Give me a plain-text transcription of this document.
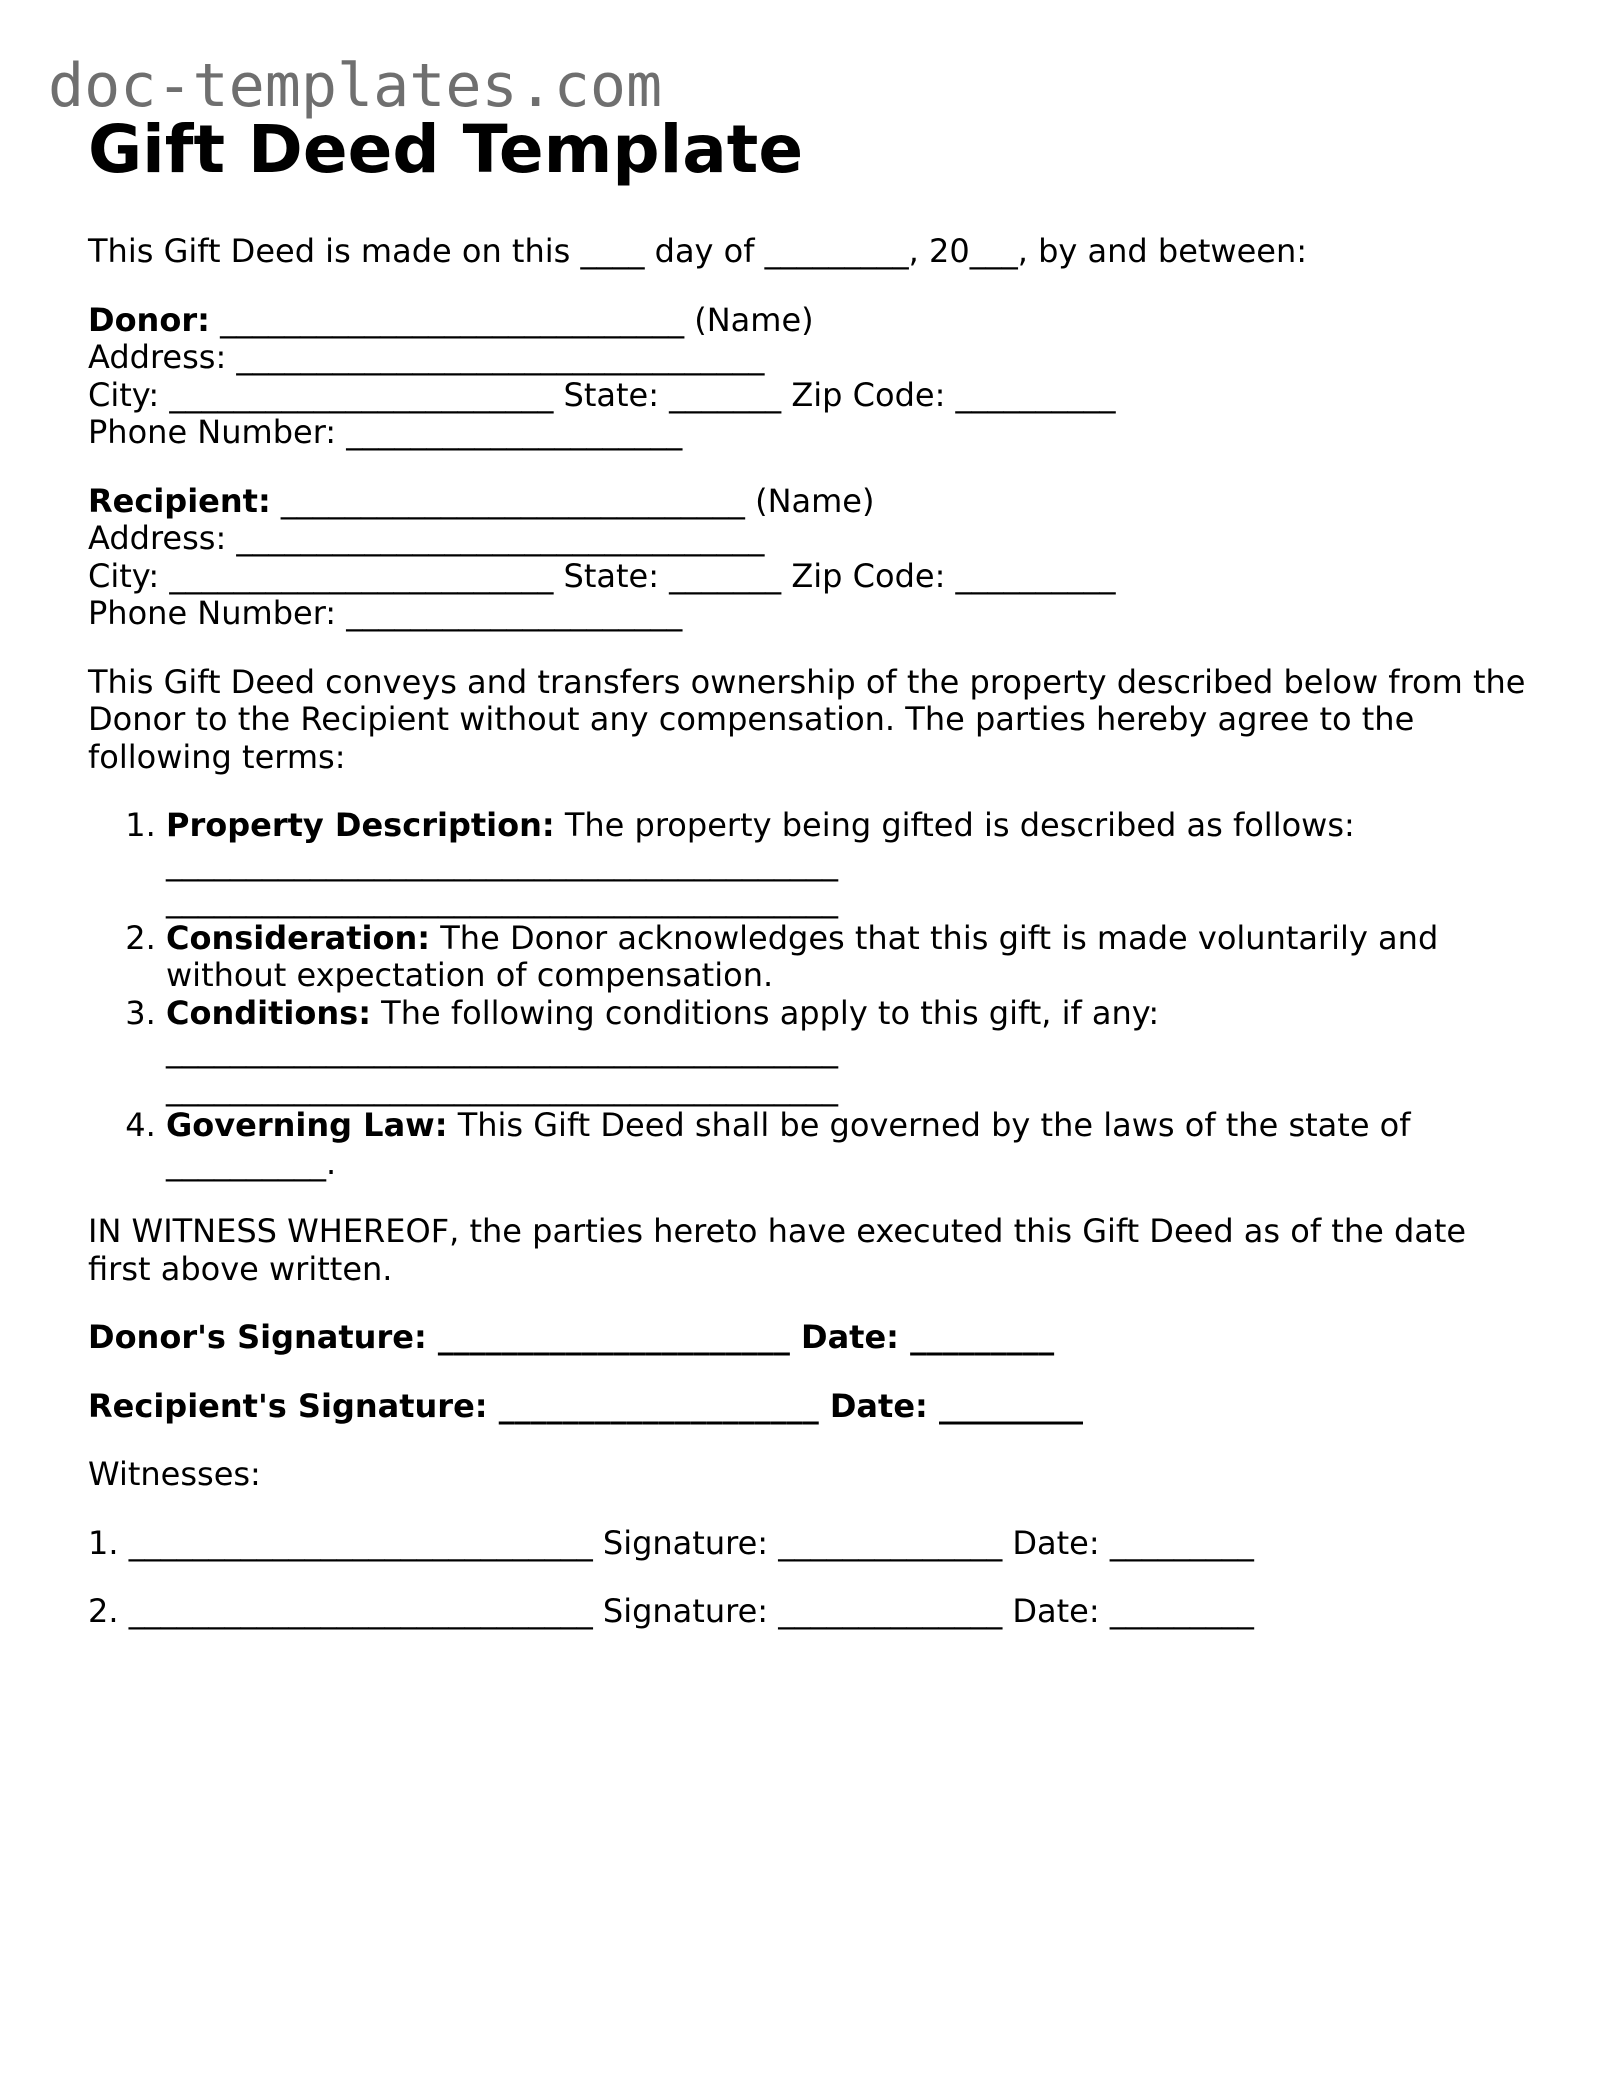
doc-templates.com
Gift Deed Template

This Gift Deed is made on this ____ day of _________, 20___, by and between:

Donor: _____________________________ (Name)
Address: _________________________________
City: ________________________ State: _______ Zip Code: __________
Phone Number: _____________________
Recipient: _____________________________ (Name)
Address: _________________________________
City: ________________________ State: _______ Zip Code: __________
Phone Number: _____________________

This Gift Deed conveys and transfers ownership of the property described below from the Donor to the Recipient without any compensation. The parties hereby agree to the following terms:

1. Property Description: The property being gifted is described as follows:
__________________________________________
__________________________________________
2. Consideration: The Donor acknowledges that this gift is made voluntarily and without expectation of compensation.
3. Conditions: The following conditions apply to this gift, if any:
__________________________________________
__________________________________________
4. Governing Law: This Gift Deed shall be governed by the laws of the state of __________.

IN WITNESS WHEREOF, the parties hereto have executed this Gift Deed as of the date first above written.

Donor's Signature: ______________________ Date: _________
Recipient's Signature: ____________________ Date: _________
Witnesses:
1. _____________________________ Signature: ______________ Date: _________
2. _____________________________ Signature: ______________ Date: _________
